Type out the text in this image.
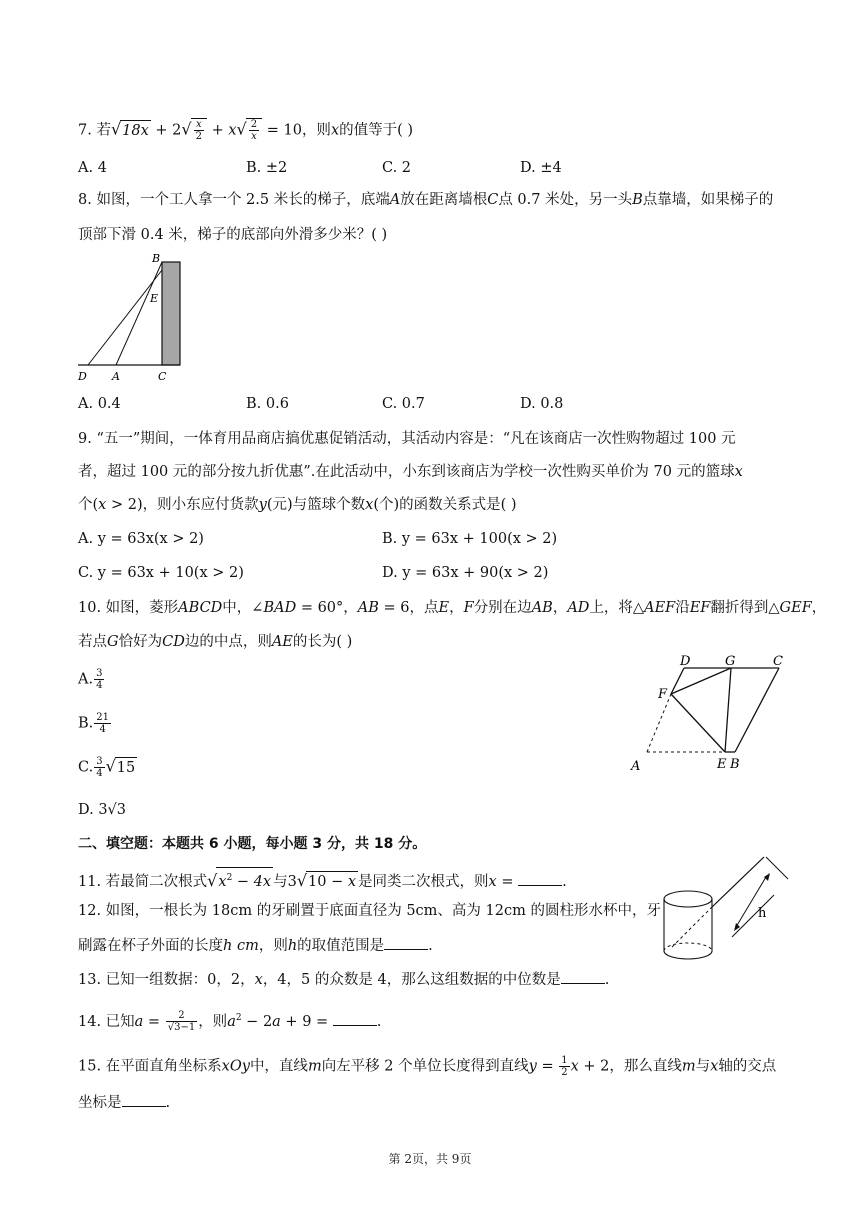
7. 若$√18x + 2√ \frac{x}{2} + x√ \frac{2}{x} = 10$，则x的值等于( )
A. 4	B. ±2	C. 2	D. ±4
8. 如图，一个工人拿一个 2.5 米长的梯子，底端A放在距离墙根C点 0.7 米处，另一头B点靠墙，如果梯子的
顶部下滑 0.4 米，梯子的底部向外滑多少米？( )
B
E
D A	C
A. 0.4	B. 0.6	C. 0.7	D. 0.8
9. “五一”期间，一体育用品商店搞优惠促销活动，其活动内容是：“凡在该商店一次性购物超过 100 元
者，超过 100 元的部分按九折优惠”.在此活动中，小东到该商店为学校一次性购买单价为 70 元的篮球x
个(x > 2)，则小东应付货款y(元)与篮球个数x(个)的函数关系式是( )
A. y = 63x(x > 2)	B. y = 63x + 100(x > 2)
C. y = 63x + 10(x > 2)	D. y = 63x + 90(x > 2)
10. 如图，菱形ABCD中，∠BAD = 60°，AB = 6，点E，F分别在边AB，AD上，将△AEF沿EF翻折得到△GEF，
若点G恰好为CD边的中点，则AE的长为( )
A. $\frac{3}{4}$
B. $\frac{21}{4}$
C. $\frac{3}{4} √15$
D. 3√3
D	G	C
F
A	E B
二、填空题：本题共 6 小题，每小题 3 分，共 18 分。
11. 若最简二次根式$√x^2 - 4x$ 与3√10 − x 是同类二次根式，则x =	.
12. 如图，一根长为 18cm 的牙刷置于底面直径为 5cm、高为 12cm 的圆柱形水杯中，牙
刷露在杯子外面的长度h cm，则h的取值范围是	.
h
13. 已知一组数据：0，2，x，4，5 的众数是 4，那么这组数据的中位数是	.
14. 已知$a = \frac{2}{√3-1}$ ，则$a^2 - 2a + 9$ =	.
15. 在平面直角坐标系xOy中，直线m向左平移 2 个单位长度得到直线$y = \frac{1}{2}$ x + 2，那么直线m与x轴的交点
坐标是	.
第 2页，共 9页
